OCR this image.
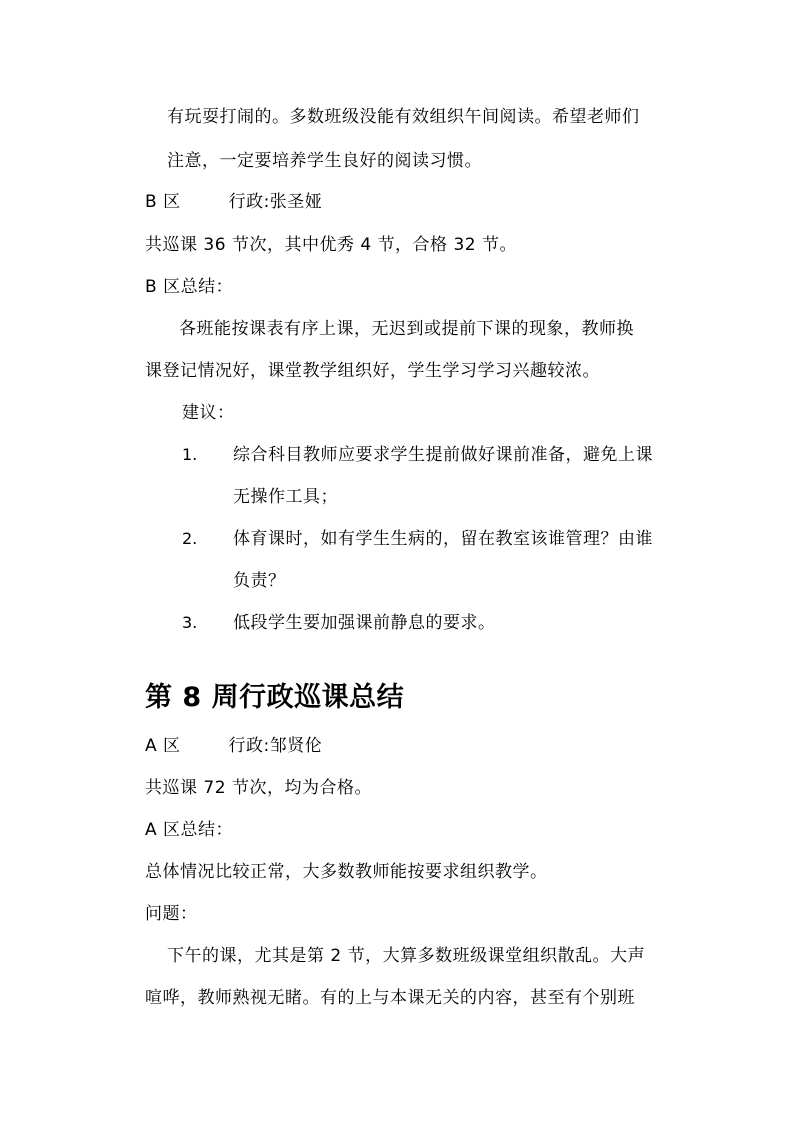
有玩耍打闹的。多数班级没能有效组织午间阅读。希望老师们
注意，一定要培养学生良好的阅读习惯。
B 区	行政:张圣娅
共巡课 36 节次，其中优秀 4 节，合格 32 节。
B 区总结：
各班能按课表有序上课，无迟到或提前下课的现象，教师换
课登记情况好，课堂教学组织好，学生学习学习兴趣较浓。
建议：
1. 综合科目教师应要求学生提前做好课前准备，避免上课
无操作工具；
2. 体育课时，如有学生生病的，留在教室该谁管理？由谁
负责？
3. 低段学生要加强课前静息的要求。
第 8 周行政巡课总结
A 区	行政:邹贤伦
共巡课 72 节次，均为合格。
A 区总结：
总体情况比较正常，大多数教师能按要求组织教学。
问题：
下午的课，尤其是第 2 节，大算多数班级课堂组织散乱。大声
喧哗，教师熟视无睹。有的上与本课无关的内容，甚至有个别班
